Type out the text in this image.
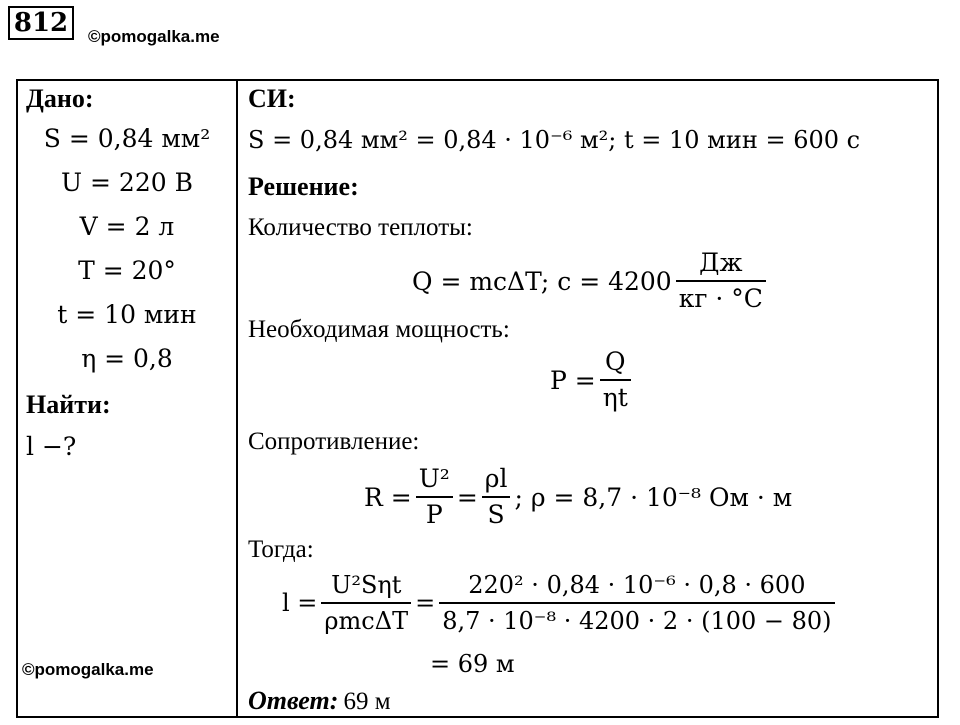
812	©pomogalka.me
Дано:
S = 0,84 мм²
U = 220 В
V = 2 л
T = 20°
t = 10 мин
η = 0,8
Найти:
l −?
©pomogalka.me
СИ:
S = 0,84 мм² = 0,84 · 10⁻⁶ м²; t = 10 мин = 600 c
Решение:
Количество теплоты:
Q = mcΔT; $c = 4200 \frac{Дж}{кг \cdot ^\circ C}$
Необходимая мощность:
$P = \frac{Q}{\eta t}$
Сопротивление:
$R = \frac{\text{U²}}{P} = \frac{\rho l}{S}$ ; ρ = 8,7 · 10⁻⁸ Ом · м
Тогда:
$l = \frac{\text{U²Sηt}}{\text{ρmcΔT}} = \frac{\text{220² · 0,84 · 10⁻⁶ · 0,8 · 600}}{\text{8,7 · 10⁻⁸ · 4200 · 2 · (100 − 80)}}$
= 69 м
Ответ: 69 м
